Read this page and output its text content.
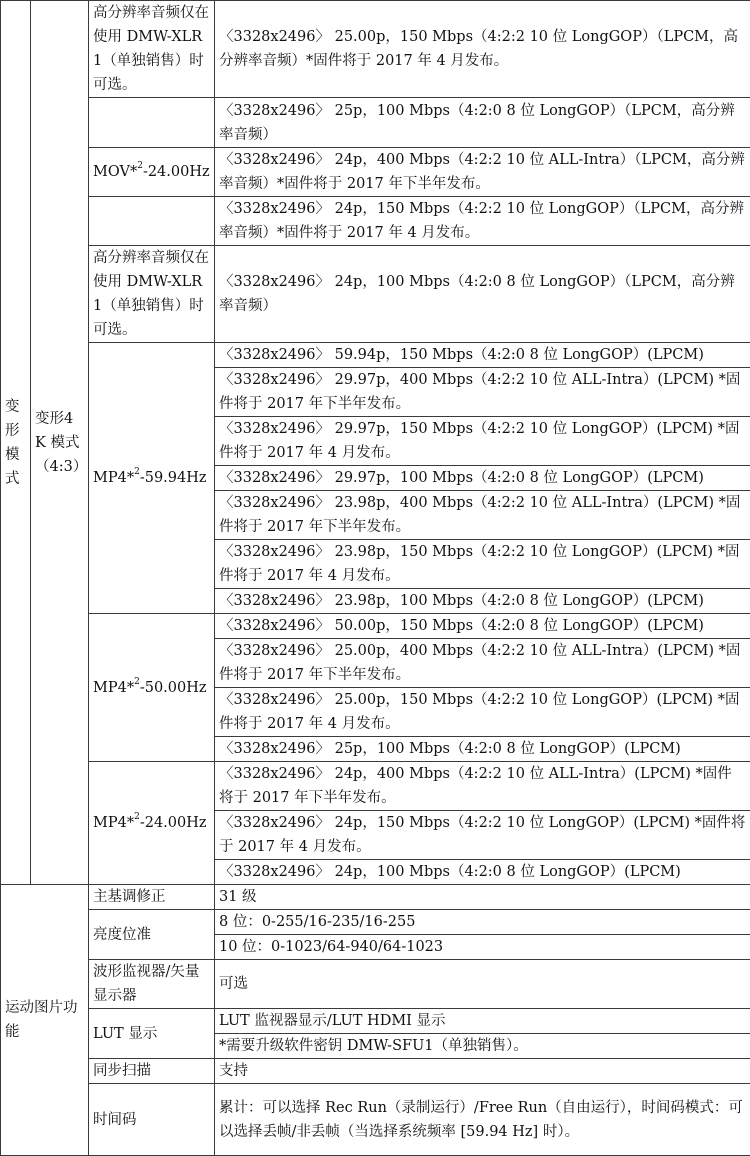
变形模式	变形4K 模式（4:3）	高分辨率音频仅在使用 DMW-XLR1（单独销售）时可选。	〈3328x2496〉 25.00p，150 Mbps（4:2:2 10 位 LongGOP）（LPCM，高分辨率音频）*固件将于 2017 年 4 月发布。
			〈3328x2496〉 25p，100 Mbps（4:2:0 8 位 LongGOP）（LPCM，高分辨率音频）
		MOV*$^2$-24.00Hz	〈3328x2496〉 24p，400 Mbps（4:2:2 10 位 ALL-Intra）（LPCM，高分辨率音频）*固件将于 2017 年下半年发布。
			〈3328x2496〉 24p，150 Mbps（4:2:2 10 位 LongGOP）（LPCM，高分辨率音频）*固件将于 2017 年 4 月发布。
		高分辨率音频仅在使用 DMW-XLR1（单独销售）时可选。	〈3328x2496〉 24p，100 Mbps（4:2:0 8 位 LongGOP）（LPCM，高分辨率音频）
		MP4*$^2$-59.94Hz	〈3328x2496〉 59.94p，150 Mbps（4:2:0 8 位 LongGOP）(LPCM)
			〈3328x2496〉 29.97p，400 Mbps（4:2:2 10 位 ALL-Intra）(LPCM) *固件将于 2017 年下半年发布。
			〈3328x2496〉 29.97p，150 Mbps（4:2:2 10 位 LongGOP）(LPCM) *固件将于 2017 年 4 月发布。
			〈3328x2496〉 29.97p，100 Mbps（4:2:0 8 位 LongGOP）(LPCM)
			〈3328x2496〉 23.98p，400 Mbps（4:2:2 10 位 ALL-Intra）(LPCM) *固件将于 2017 年下半年发布。
			〈3328x2496〉 23.98p，150 Mbps（4:2:2 10 位 LongGOP）(LPCM) *固件将于 2017 年 4 月发布。
			〈3328x2496〉 23.98p，100 Mbps（4:2:0 8 位 LongGOP）(LPCM)
		MP4*$^2$-50.00Hz	〈3328x2496〉 50.00p，150 Mbps（4:2:0 8 位 LongGOP）(LPCM)
			〈3328x2496〉 25.00p，400 Mbps（4:2:2 10 位 ALL-Intra）(LPCM) *固件将于 2017 年下半年发布。
			〈3328x2496〉 25.00p，150 Mbps（4:2:2 10 位 LongGOP）(LPCM) *固件将于 2017 年 4 月发布。
			〈3328x2496〉 25p，100 Mbps（4:2:0 8 位 LongGOP）(LPCM)
		MP4*$^2$-24.00Hz	〈3328x2496〉 24p，400 Mbps（4:2:2 10 位 ALL-Intra）(LPCM) *固件将于 2017 年下半年发布。
			〈3328x2496〉 24p，150 Mbps（4:2:2 10 位 LongGOP）(LPCM) *固件将于 2017 年 4 月发布。
			〈3328x2496〉 24p，100 Mbps（4:2:0 8 位 LongGOP）(LPCM)
运动图片功能		主基调修正	31 级
		亮度位准	8 位：0-255/16-235/16-255
			10 位：0-1023/64-940/64-1023
		波形监视器/矢量显示器	可选
		LUT 显示	LUT 监视器显示/LUT HDMI 显示
			*需要升级软件密钥 DMW-SFU1（单独销售）。
		同步扫描	支持
		时间码	累计：可以选择 Rec Run（录制运行）/Free Run（自由运行），时间码模式：可以选择丢帧/非丢帧（当选择系统频率 [59.94 Hz] 时）。
